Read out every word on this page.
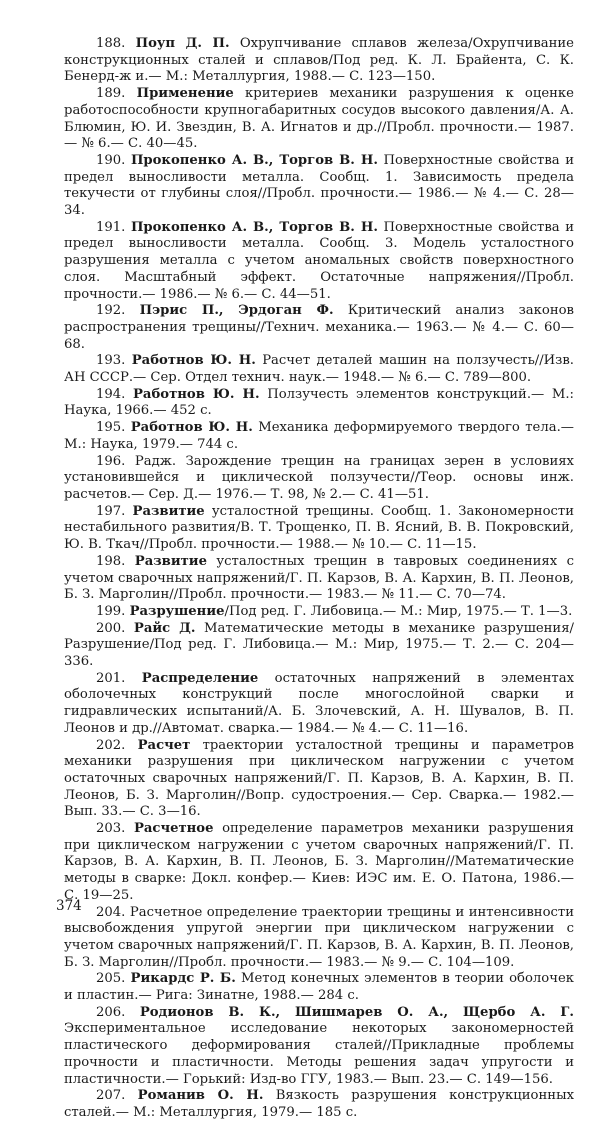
188. Поуп Д. П. Охрупчивание сплавов железа/Охрупчивание конструкционных сталей и сплавов/Под ред. К. Л. Брайента, С. К. Бенерд-ж и.— М.: Металлургия, 1988.— С. 123—150.

189. Применение критериев механики разрушения к оценке работоспособности крупногабаритных сосудов высокого давления/А. А. Блюмин, Ю. И. Звездин, В. А. Игнатов и др.//Пробл. прочности.— 1987.— № 6.— С. 40—45.

190. Прокопенко А. В., Торгов В. Н. Поверхностные свойства и предел выносливости металла. Сообщ. 1. Зависимость предела текучести от глубины слоя//Пробл. прочности.— 1986.— № 4.— С. 28—34.

191. Прокопенко А. В., Торгов В. Н. Поверхностные свойства и предел выносливости металла. Сообщ. 3. Модель усталостного разрушения металла с учетом аномальных свойств поверхностного слоя. Масштабный эффект. Остаточные напряжения//Пробл. прочности.— 1986.— № 6.— С. 44—51.

192. Пэрис П., Эрдоган Ф. Критический анализ законов распространения трещины//Технич. механика.— 1963.— № 4.— С. 60—68.

193. Работнов Ю. Н. Расчет деталей машин на ползучесть//Изв. АН СССР.— Сер. Отдел технич. наук.— 1948.— № 6.— С. 789—800.

194. Работнов Ю. Н. Ползучесть элементов конструкций.— М.: Наука, 1966.— 452 с.

195. Работнов Ю. Н. Механика деформируемого твердого тела.— М.: Наука, 1979.— 744 с.

196. Радж. Зарождение трещин на границах зерен в условиях установившейся и циклической ползучести//Теор. основы инж. расчетов.— Сер. Д.— 1976.— Т. 98, № 2.— С. 41—51.

197. Развитие усталостной трещины. Сообщ. 1. Закономерности нестабильного развития/В. Т. Трощенко, П. В. Ясний, В. В. Покровский, Ю. В. Ткач//Пробл. прочности.— 1988.— № 10.— С. 11—15.

198. Развитие усталостных трещин в тавровых соединениях с учетом сварочных напряжений/Г. П. Карзов, В. А. Кархин, В. П. Леонов, Б. З. Марголин//Пробл. прочности.— 1983.— № 11.— С. 70—74.

199. Разрушение/Под ред. Г. Либовица.— М.: Мир, 1975.— Т. 1—3.

200. Райс Д. Математические методы в механике разрушения/Разрушение/Под ред. Г. Либовица.— М.: Мир, 1975.— Т. 2.— С. 204—336.

201. Распределение остаточных напряжений в элементах оболочечных конструкций после многослойной сварки и гидравлических испытаний/А. Б. Злочевский, А. Н. Шувалов, В. П. Леонов и др.//Автомат. сварка.— 1984.— № 4.— С. 11—16.

202. Расчет траектории усталостной трещины и параметров механики разрушения при циклическом нагружении с учетом остаточных сварочных напряжений/Г. П. Карзов, В. А. Кархин, В. П. Леонов, Б. З. Марголин//Вопр. судостроения.— Сер. Сварка.— 1982.— Вып. 33.— С. 3—16.

203. Расчетное определение параметров механики разрушения при циклическом нагружении с учетом сварочных напряжений/Г. П. Карзов, В. А. Кархин, В. П. Леонов, Б. З. Марголин//Математические методы в сварке: Докл. конфер.— Киев: ИЭС им. Е. О. Патона, 1986.— С. 19—25.

204. Расчетное определение траектории трещины и интенсивности высвобождения упругой энергии при циклическом нагружении с учетом сварочных напряжений/Г. П. Карзов, В. А. Кархин, В. П. Леонов, Б. З. Марголин//Пробл. прочности.— 1983.— № 9.— С. 104—109.

205. Рикардс Р. Б. Метод конечных элементов в теории оболочек и пластин.— Рига: Зинатне, 1988.— 284 с.

206. Родионов В. К., Шишмарев О. А., Щербо А. Г. Экспериментальное исследование некоторых закономерностей пластического деформирования сталей//Прикладные проблемы прочности и пластичности. Методы решения задач упругости и пластичности.— Горький: Изд-во ГГУ, 1983.— Вып. 23.— С. 149—156.

207. Романив О. Н. Вязкость разрушения конструкционных сталей.— М.: Металлургия, 1979.— 185 с.

374
